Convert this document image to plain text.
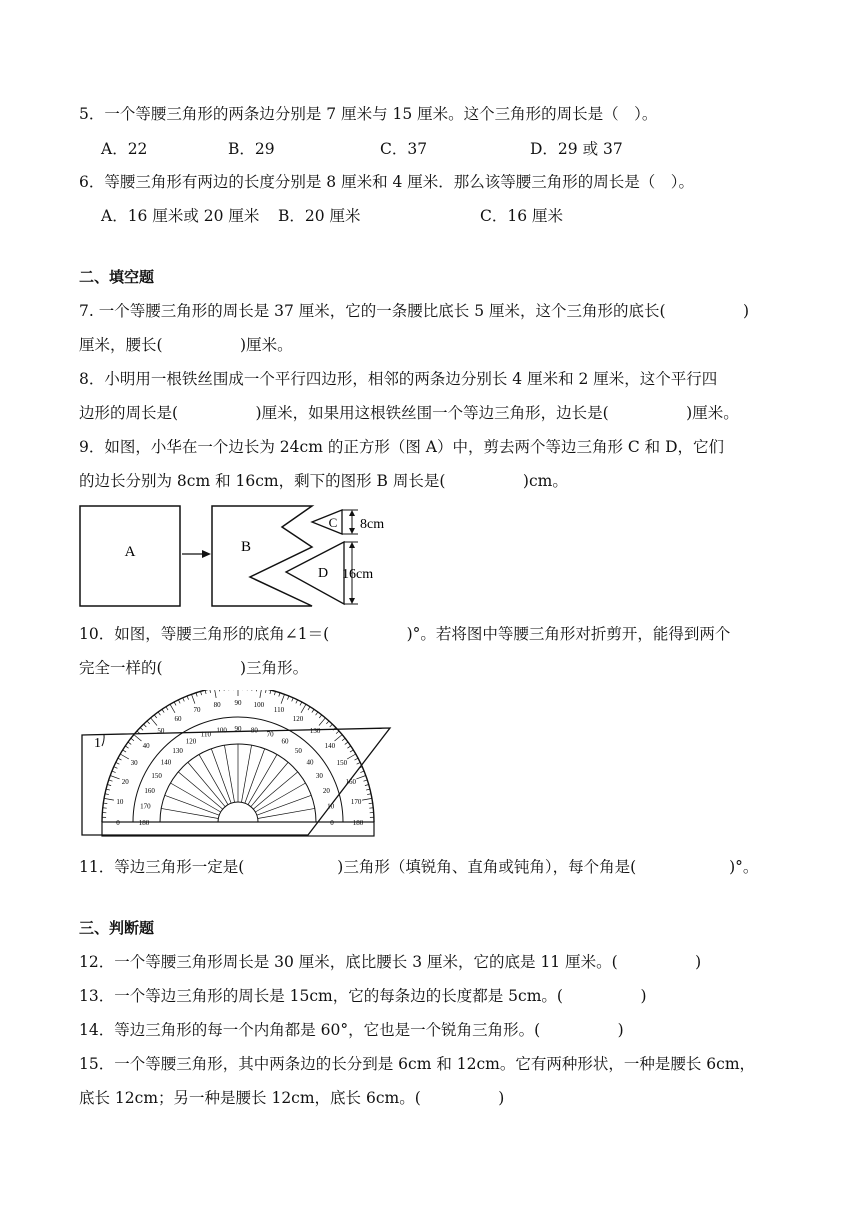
5．一个等腰三角形的两条边分别是 7 厘米与 15 厘米。这个三角形的周长是（　）。
A．22	B．29	C．37	D．29 或 37
6．等腰三角形有两边的长度分别是 8 厘米和 4 厘米．那么该等腰三角形的周长是（　）。
A．16 厘米或 20 厘米 B．20 厘米	C．16 厘米
二、填空题
7. 一个等腰三角形的周长是 37 厘米，它的一条腰比底长 5 厘米，这个三角形的底长(　　　　　)
厘米，腰长(　　　　　)厘米。
8．小明用一根铁丝围成一个平行四边形，相邻的两条边分别长 4 厘米和 2 厘米，这个平行四
边形的周长是(　　　　　)厘米，如果用这根铁丝围一个等边三角形，边长是(　　　　　)厘米。
9．如图，小华在一个边长为 24cm 的正方形（图 A）中，剪去两个等边三角形 C 和 D，它们
的边长分别为 8cm 和 16cm，剩下的图形 B 周长是(　　　　　)cm。
A	B
C
D
8cm
16cm
10．如图，等腰三角形的底角∠1＝(　　　　　)°。若将图中等腰三角形对折剪开，能得到两个
完全一样的(　　　　　)三角形。
180
0
170
10
160
20
150
30
140
40
130
50
120
60
110
70
100
80
90
90
80
100
70
110
60
120
50
130
40
140
30
150
20
160
10
170
0	180
1
11．等边三角形一定是(　　　　　　)三角形（填锐角、直角或钝角），每个角是(　　　　　　)°。
三、判断题
12．一个等腰三角形周长是 30 厘米，底比腰长 3 厘米，它的底是 11 厘米。(　　　　　)
13．一个等边三角形的周长是 15cm，它的每条边的长度都是 5cm。(　　　　　)
14．等边三角形的每一个内角都是 60°，它也是一个锐角三角形。(　　　　　)
15．一个等腰三角形，其中两条边的长分到是 6cm 和 12cm。它有两种形状，一种是腰长 6cm，
底长 12cm；另一种是腰长 12cm，底长 6cm。(　　　　　)
